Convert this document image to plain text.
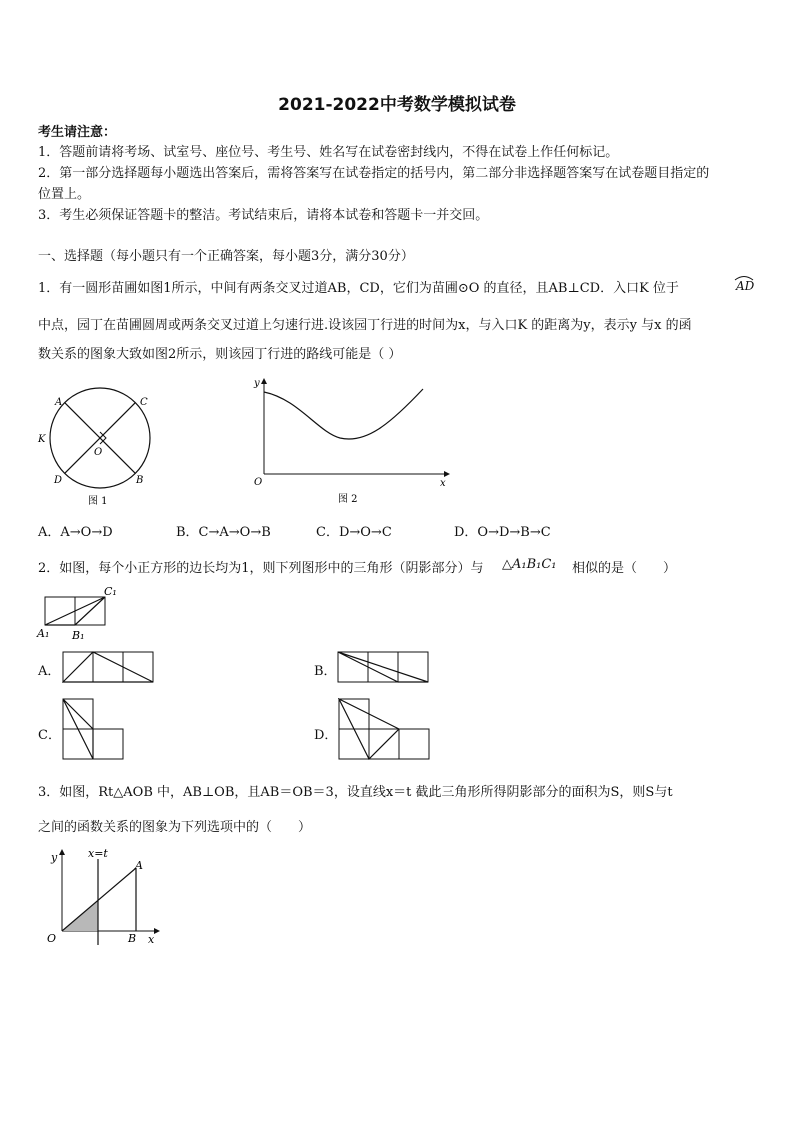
2021-2022中考数学模拟试卷
考生请注意：
1．答题前请将考场、试室号、座位号、考生号、姓名写在试卷密封线内，不得在试卷上作任何标记。
2．第一部分选择题每小题选出答案后，需将答案写在试卷指定的括号内，第二部分非选择题答案写在试卷题目指定的
位置上。
3．考生必须保证答题卡的整洁。考试结束后，请将本试卷和答题卡一并交回。
一、选择题（每小题只有一个正确答案，每小题3分，满分30分）
1．有一圆形苗圃如图1所示，中间有两条交叉过道AB，CD，它们为苗圃⊙O 的直径，且AB⊥CD．入口K 位于	AD
中点，园丁在苗圃圆周或两条交叉过道上匀速行进.设该园丁行进的时间为x，与入口K 的距离为y，表示y 与x 的函
数关系的图象大致如图2所示，则该园丁行进的路线可能是（ ）
A	C
K
O
D	B
图 1
y
x
O
图 2
A．A→O→D	B．C→A→O→B	C．D→O→C	D．O→D→B→C
2．如图，每个小正方形的边长均为1，则下列图形中的三角形（阴影部分）与 △A₁B₁C₁ 相似的是（　　）
C₁
A₁ B₁
A．	B．
C．	D．
3．如图，Rt△AOB 中，AB⊥OB，且AB＝OB＝3，设直线x＝t 截此三角形所得阴影部分的面积为S，则S与t
之间的函数关系的图象为下列选项中的（　　）
y
x
x=t
A
O	B
